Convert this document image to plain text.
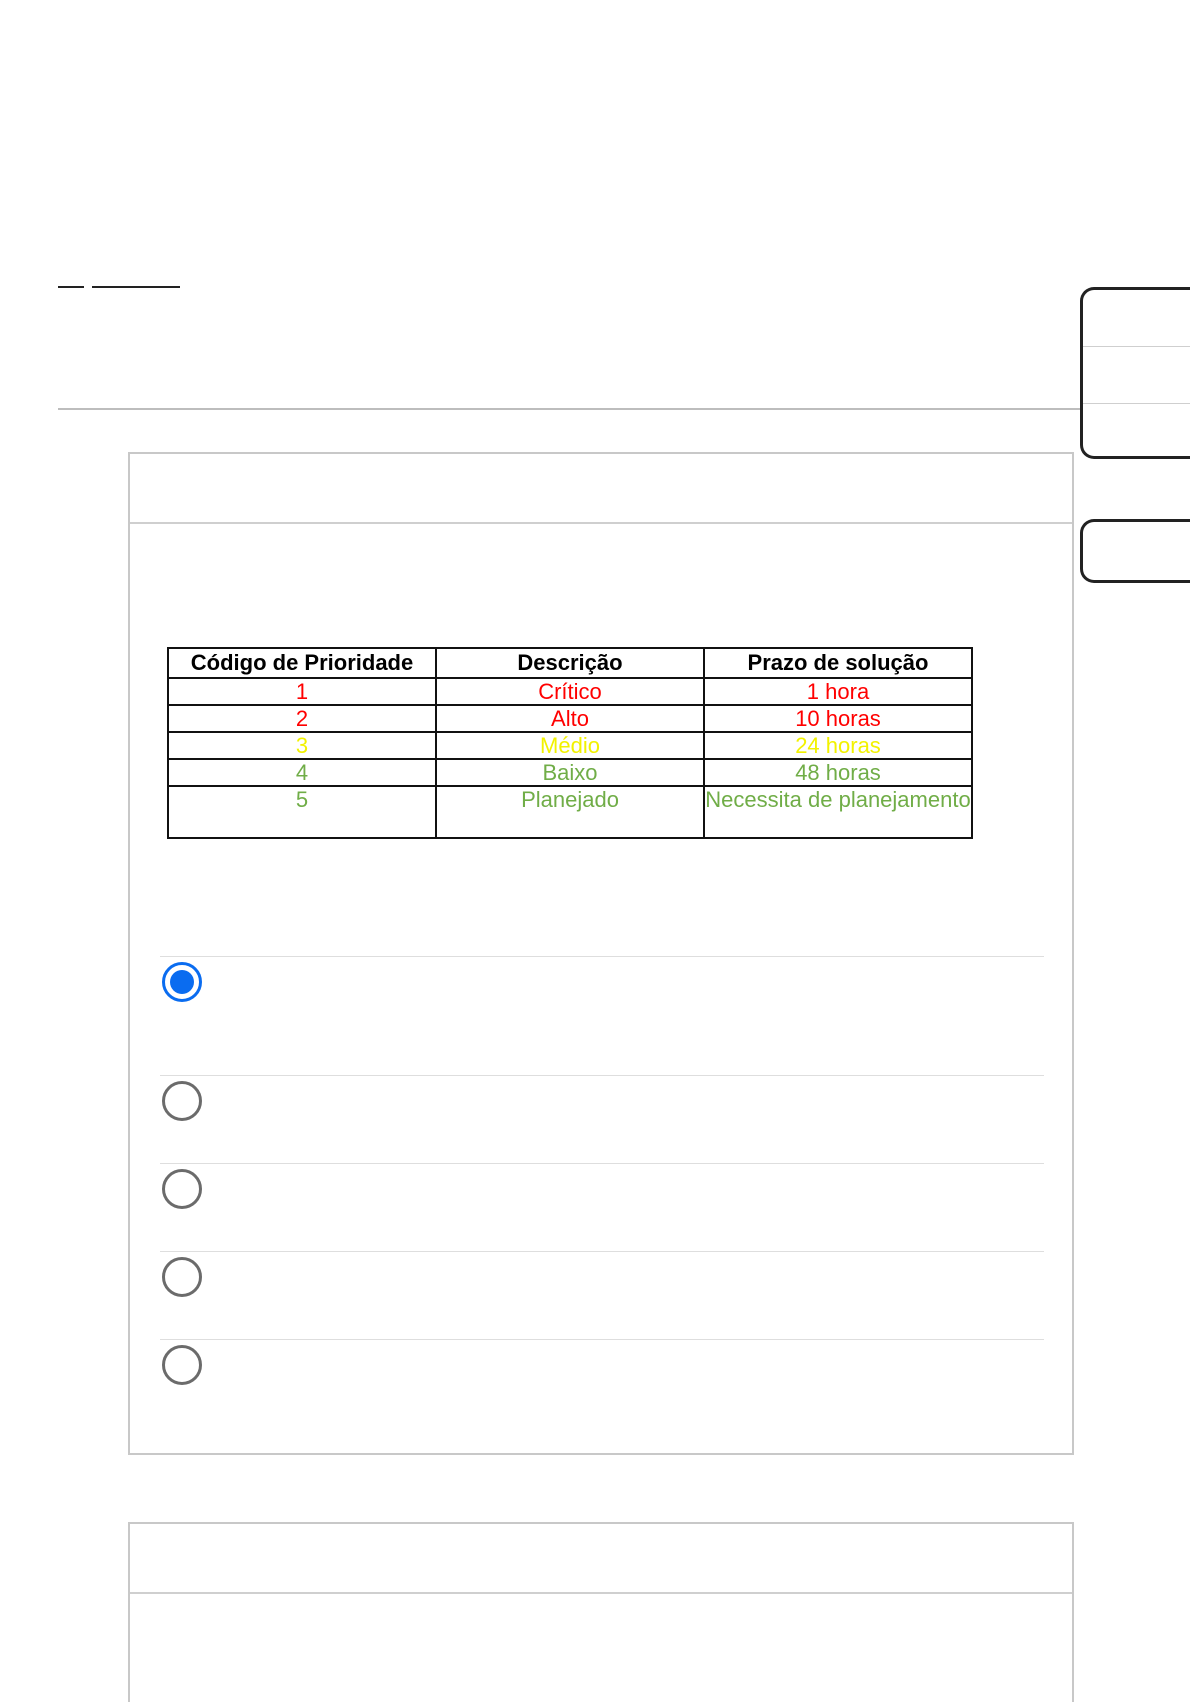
Código de Prioridade	Descrição	Prazo de solução
1	Crítico	1 hora
2	Alto	10 horas
3	Médio	24 horas
4	Baixo	48 horas
5	Planejado	Necessita de planejamento
